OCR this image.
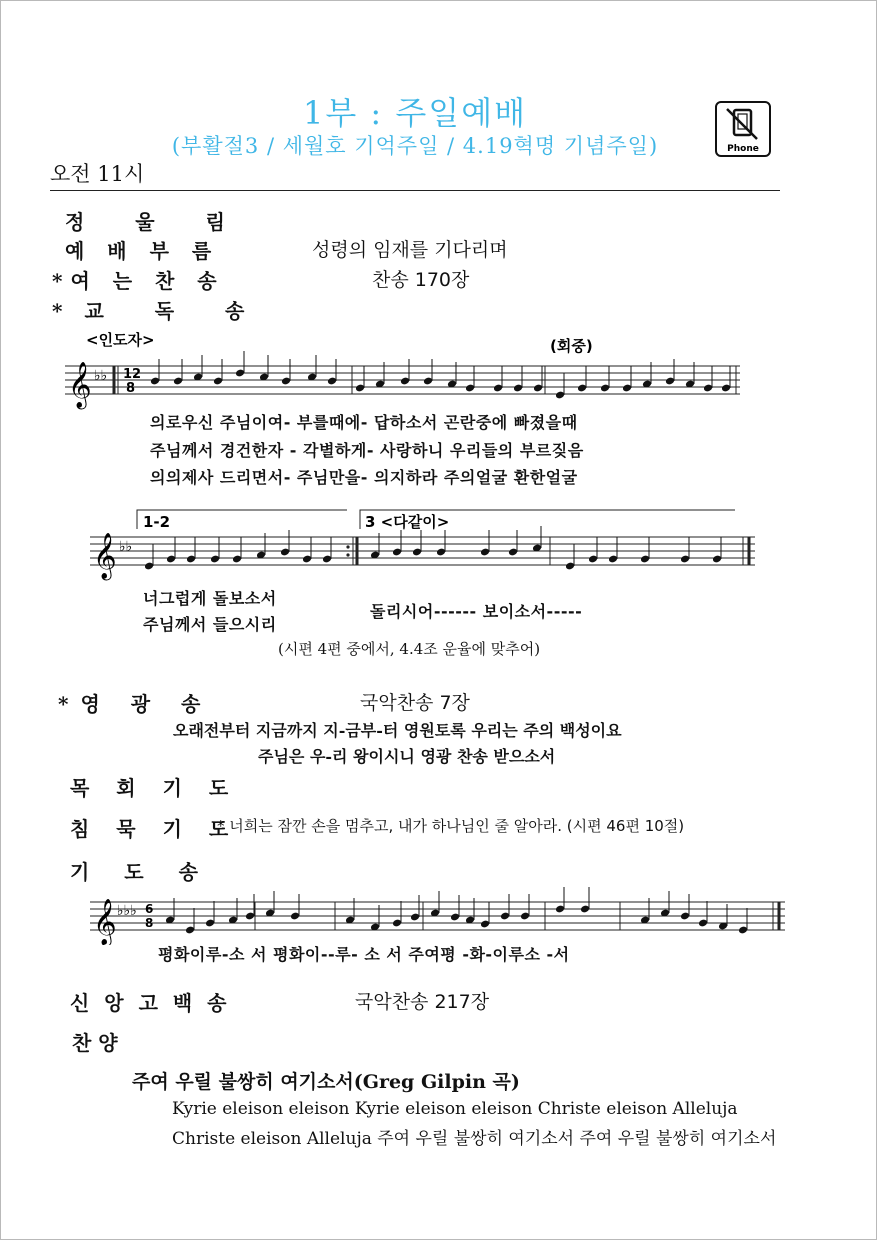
1부 : 주일예배
(부활절3 / 세월호 기억주일 / 4.19혁명 기념주일)	Phone
오전 11시
정 울 림
예 배 부 름	성령의 임재를 기다리며
*여 는 찬 송	찬송 170장
*교 독 송
𝄞 ♭♭ 12
8
<인도자>	(회중)
의로우신 주님이여- 부를때에- 답하소서 곤란중에 빠졌을때
주님께서 경건한자 - 각별하게- 사랑하니 우리들의 부르짖음
의의제사 드리면서- 주님만을- 의지하라 주의얼굴 환한얼굴
𝄞 ♭♭
1-2	3 <다같이>
너그럽게 돌보소서
주님께서 들으시리
돌리시어------ 보이소서-----
(시편 4편 중에서, 4.4조 운율에 맞추어)
*영 광 송	국악찬송 7장
오래전부터 지금까지 지-금부-터 영원토록 우리는 주의 백성이요
주님은 우-리 왕이시니 영광 찬송 받으소서
목 회 기 도
침 묵 기 도
* 너희는 잠깐 손을 멈추고, 내가 하나님인 줄 알아라. (시편 46편 10절)
기 도 송
𝄞 ♭♭♭ 6
8
평화이루-소 서 평화이--루- 소 서 주여평 -화-이루소 -서
신 앙 고 백 송	국악찬송 217장
찬 양
주여 우릴 불쌍히 여기소서(Greg Gilpin 곡)
Kyrie eleison eleison Kyrie eleison eleison Christe eleison Alleluja
Christe eleison Alleluja 주여 우릴 불쌍히 여기소서 주여 우릴 불쌍히 여기소서
